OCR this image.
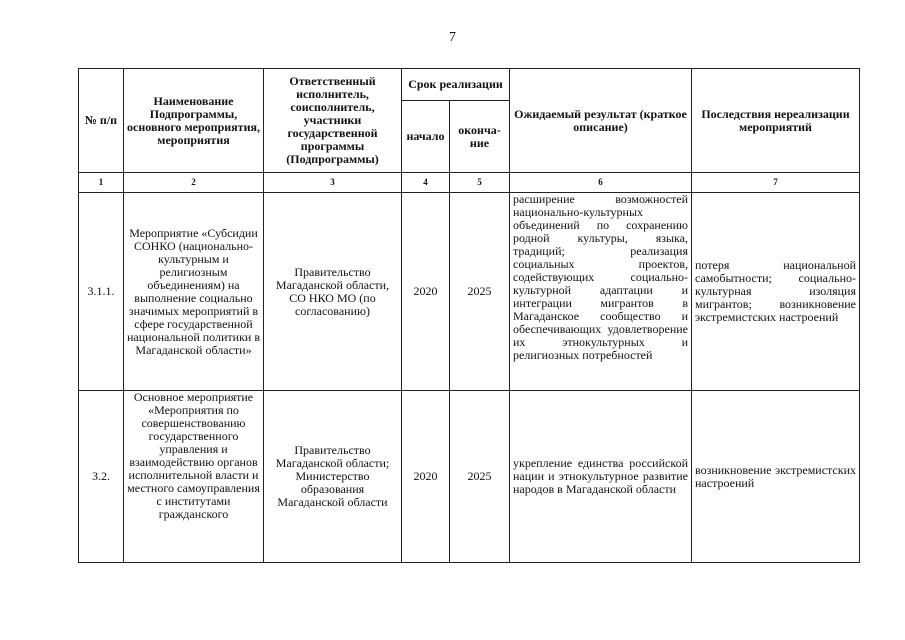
7
№ п/п	Наименование Подпрограммы, основного мероприятия, мероприятия	Ответственный исполнитель, соисполнитель, участники государственной программы (Подпрограммы)	Срок реализации		Ожидаемый результат (краткое описание)	Последствия нереализации мероприятий
			начало	оконча-ние		
1	2	3	4	5	6	7
3.1.1.	Мероприятие «Субсидии СОНКО (национально-культурным и религиозным объединениям) на выполнение социально значимых мероприятий в сфере государственной национальной политики в Магаданской области»	Правительство Магаданской области, СО НКО МО (по согласованию)	2020	2025	расширение возможностей национально-культурных объединений по сохранению родной культуры, языка, традиций; реализация социальных проектов, содействующих социально-культурной адаптации и интеграции мигрантов в Магаданское сообщество и обеспечивающих удовлетворение их этнокультурных и религиозных потребностей	потеря национальной самобытности; социально-культурная изоляция мигрантов; возникновение экстремистских настроений
3.2.	Основное мероприятие «Мероприятия по совершенствованию государственного управления и взаимодействию органов исполнительной власти и местного самоуправления с институтами гражданского	Правительство Магаданской области; Министерство образования Магаданской области	2020	2025	укрепление единства российской нации и этнокультурное развитие народов в Магаданской области	возникновение экстремистских настроений
